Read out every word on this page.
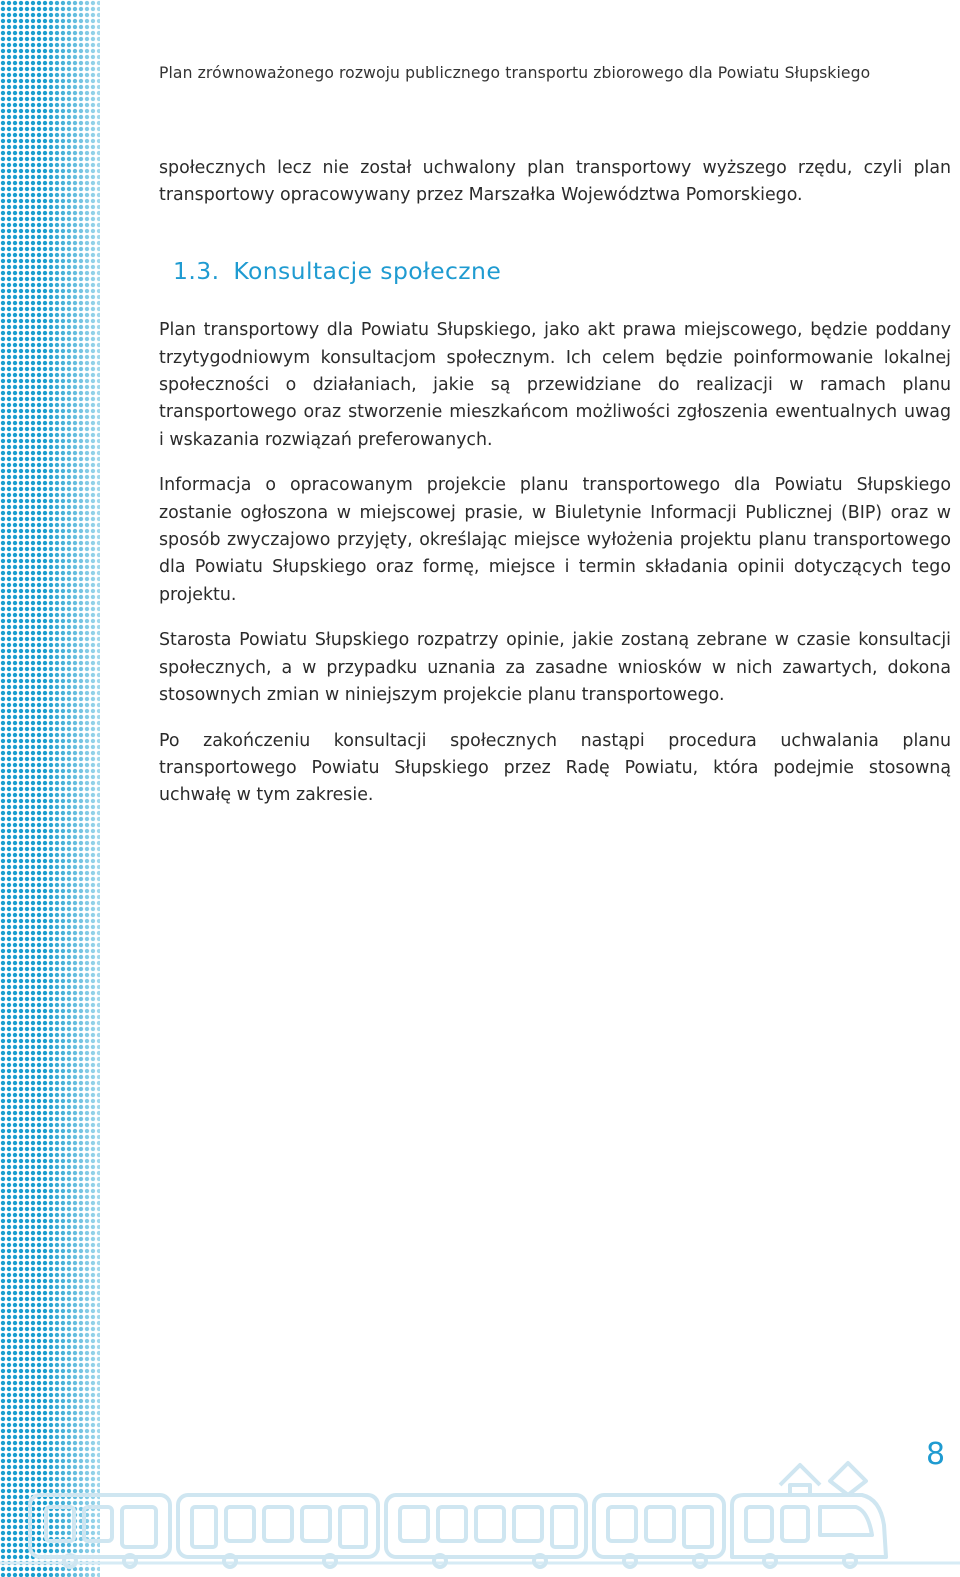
Plan zrównoważonego rozwoju publicznego transportu zbiorowego dla Powiatu Słupskiego

społecznych lecz nie został uchwalony plan transportowy wyższego rzędu, czyli plan transportowy opracowywany przez Marszałka Województwa Pomorskiego.

1.3. Konsultacje społeczne

Plan transportowy dla Powiatu Słupskiego, jako akt prawa miejscowego, będzie poddany trzytygodniowym konsultacjom społecznym. Ich celem będzie poinformowanie lokalnej społeczności o działaniach, jakie są przewidziane do realizacji w ramach planu transportowego oraz stworzenie mieszkańcom możliwości zgłoszenia ewentualnych uwag i wskazania rozwiązań preferowanych.

Informacja o opracowanym projekcie planu transportowego dla Powiatu Słupskiego zostanie ogłoszona w miejscowej prasie, w Biuletynie Informacji Publicznej (BIP) oraz w sposób zwyczajowo przyjęty, określając miejsce wyłożenia projektu planu transportowego dla Powiatu Słupskiego oraz formę, miejsce i termin składania opinii dotyczących tego projektu.

Starosta Powiatu Słupskiego rozpatrzy opinie, jakie zostaną zebrane w czasie konsultacji społecznych, a w przypadku uznania za zasadne wniosków w nich zawartych, dokona stosownych zmian w niniejszym projekcie planu transportowego.

Po zakończeniu konsultacji społecznych nastąpi procedura uchwalania planu transportowego Powiatu Słupskiego przez Radę Powiatu, która podejmie stosowną uchwałę w tym zakresie.

8
